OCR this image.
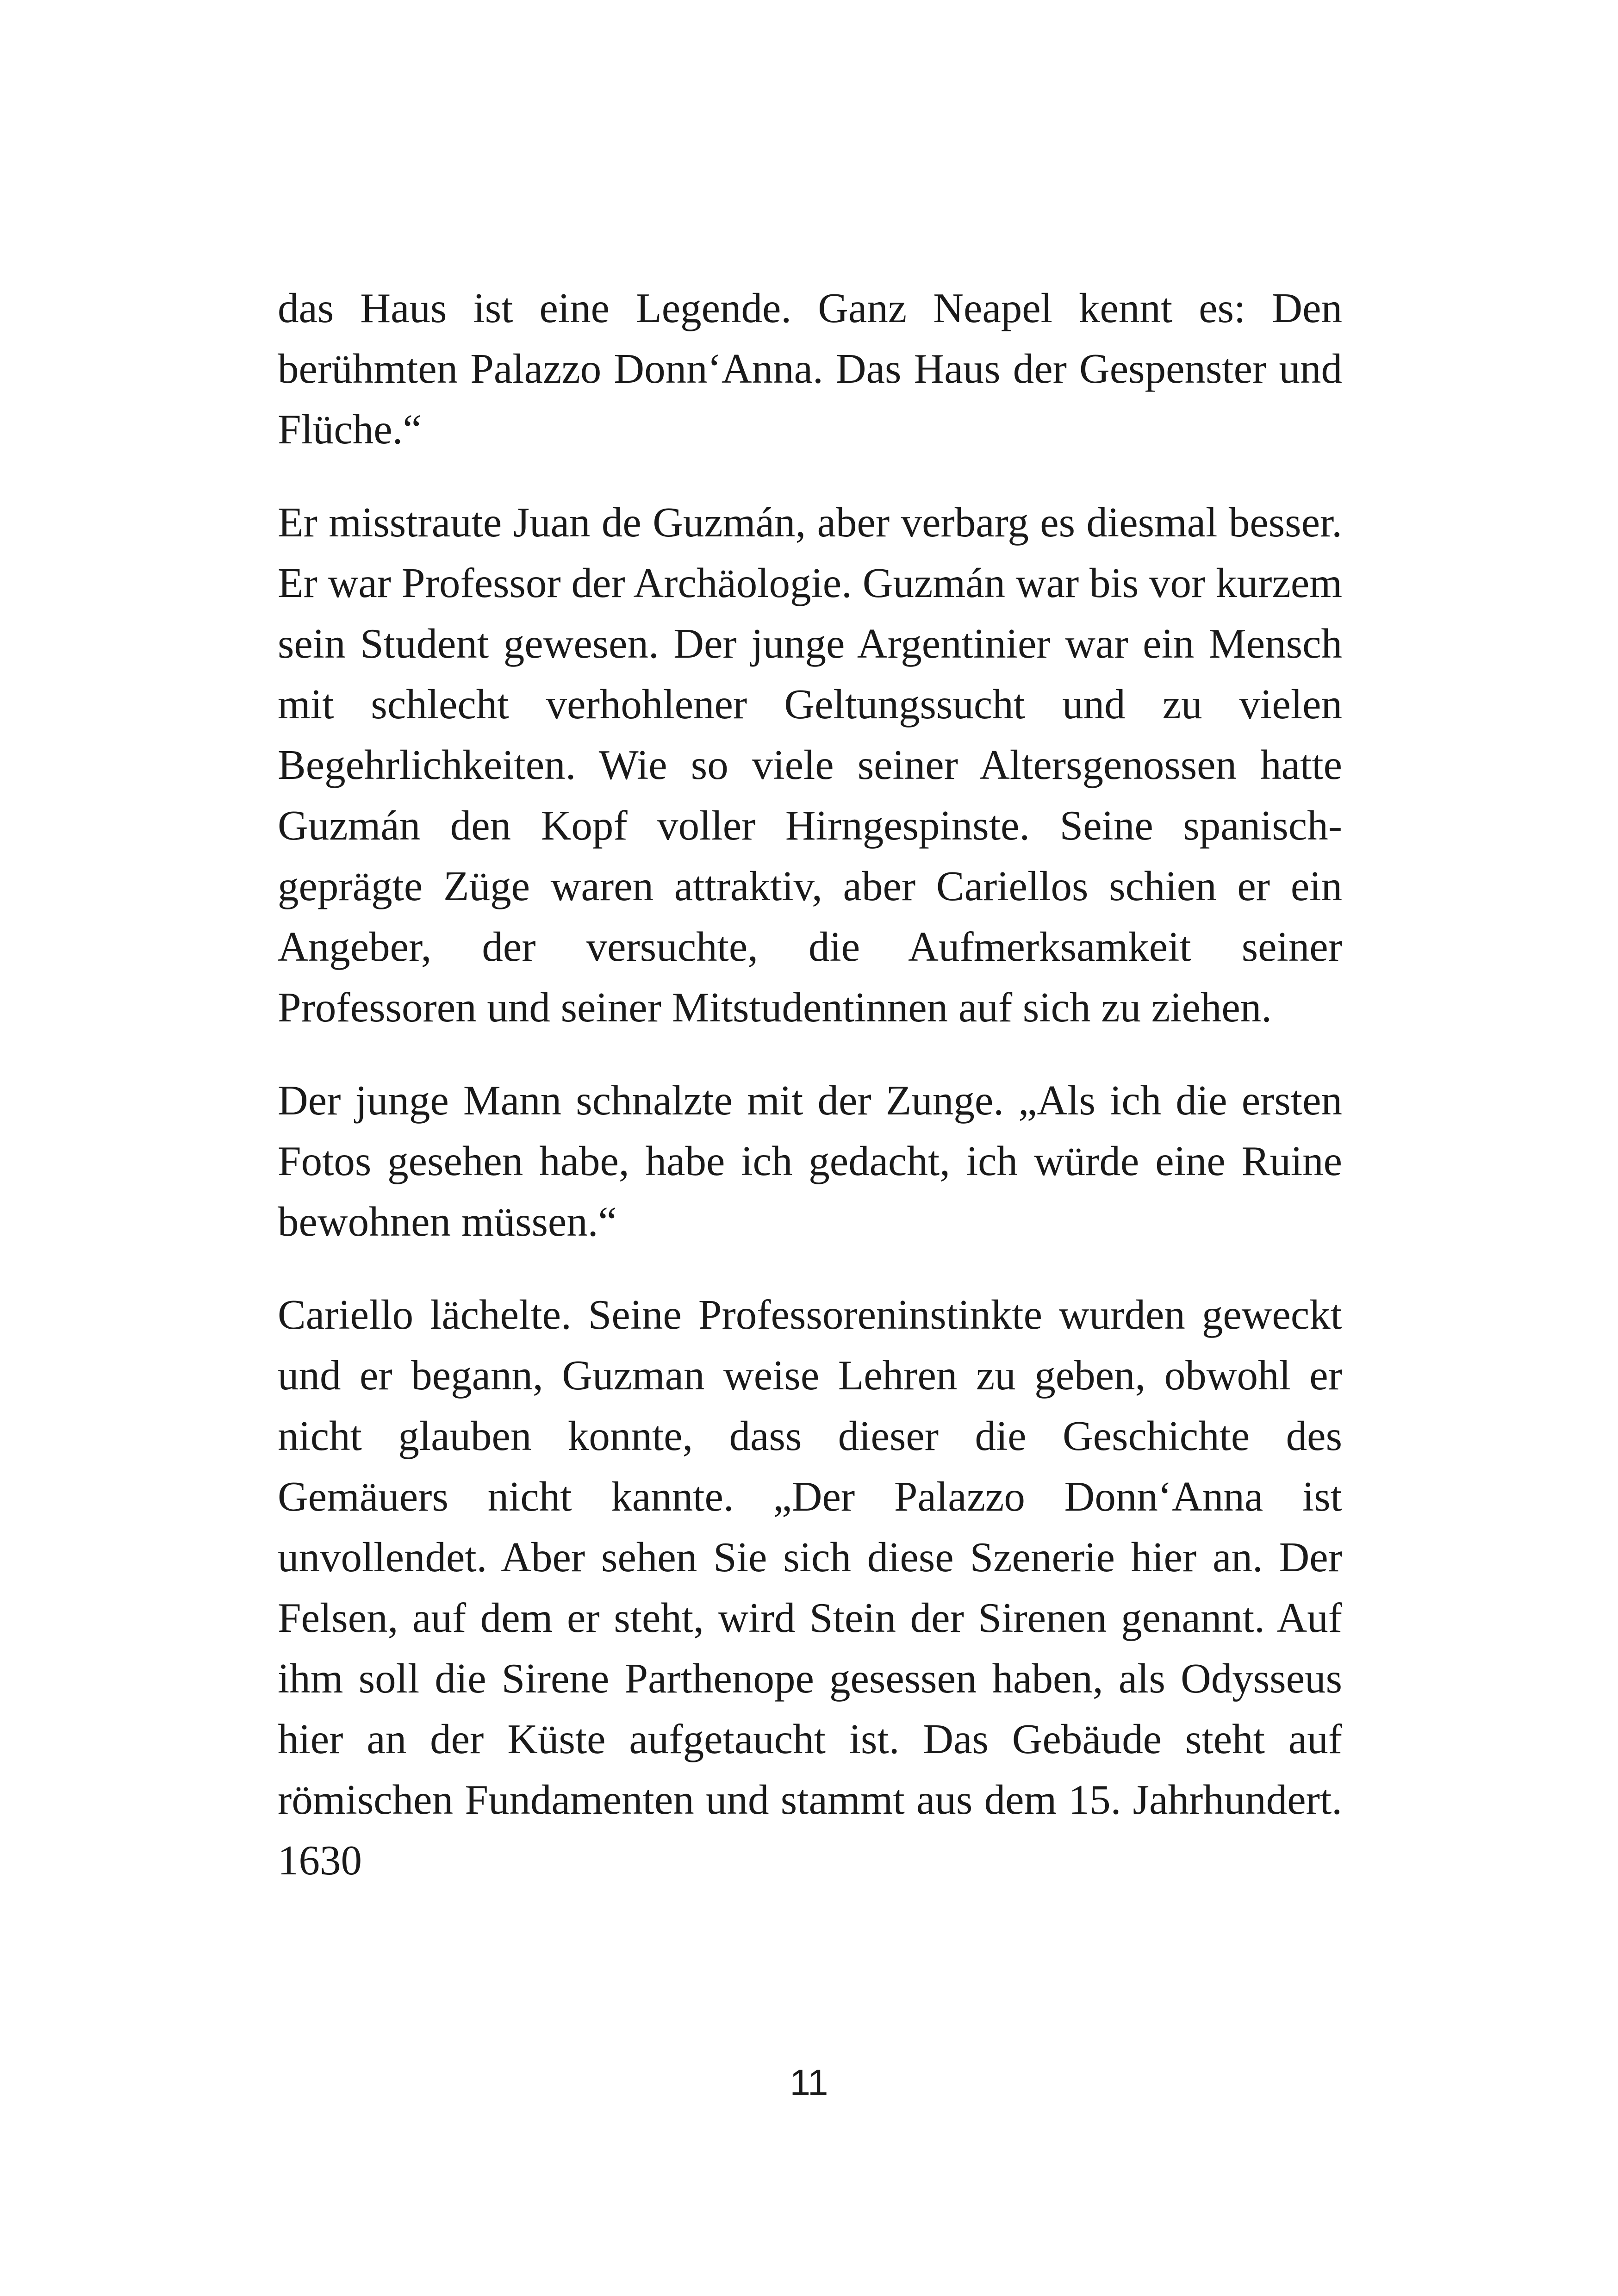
das Haus ist eine Legende. Ganz Neapel kennt es: Den berühmten Palazzo Donn‘Anna. Das Haus der Gespenster und Flüche.“

Er misstraute Juan de Guzmán, aber verbarg es diesmal besser. Er war Professor der Archäologie. Guzmán war bis vor kurzem sein Student gewesen. Der junge Argentinier war ein Mensch mit schlecht verhohlener Geltungssucht und zu vielen Begehrlichkeiten. Wie so viele seiner Altersgenossen hatte Guzmán den Kopf voller Hirngespinste. Seine spanisch-geprägte Züge waren attraktiv, aber Cariellos schien er ein Angeber, der versuchte, die Aufmerksamkeit seiner Professoren und seiner Mitstudentinnen auf sich zu ziehen.

Der junge Mann schnalzte mit der Zunge. „Als ich die ersten Fotos gesehen habe, habe ich gedacht, ich würde eine Ruine bewohnen müssen.“

Cariello lächelte. Seine Professoreninstinkte wurden geweckt und er begann, Guzman weise Lehren zu geben, obwohl er nicht glauben konnte, dass dieser die Geschichte des Gemäuers nicht kannte. „Der Palazzo Donn‘Anna ist unvollendet. Aber sehen Sie sich diese Szenerie hier an. Der Felsen, auf dem er steht, wird Stein der Sirenen genannt. Auf ihm soll die Sirene Parthenope gesessen haben, als Odysseus hier an der Küste aufgetaucht ist. Das Gebäude steht auf römischen Fundamenten und stammt aus dem 15. Jahrhundert. 1630

11
